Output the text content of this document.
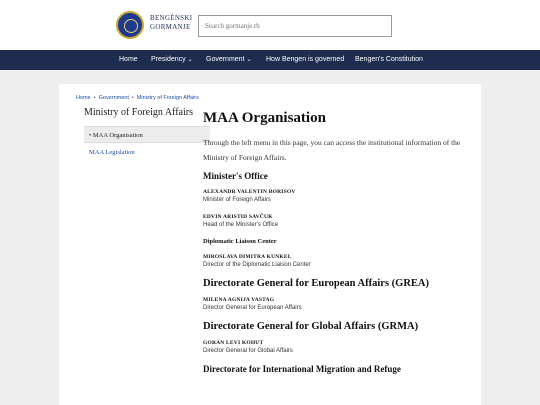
BENGÉNSKI
GORMANJE
Search gormanje.rb
Home Presidency ⌄ Government ⌄ How Bengen is governed Bengen's Constitution
Home • Government • Ministry of Foreign Affairs
Ministry of Foreign Affairs
• MAA Organisation
MAA Legislation
MAA Organisation
Through the left menu in this page, you can access the institutional information of the Ministry of Foreign Affairs.
Minister's Office
ALEXANDR VALENTIN BORISOV
Minister of Foreign Affairs
EDVIN ARISTID SAVČUK
Head of the Minister's Office
Diplomatic Liaison Center
MIROSLAVA DIMITRA KUNKEL
Director of the Diplomatic Liaison Center
Directorate General for European Affairs (GREA)
MILENA AGNIJA VASTAG
Director General for European Affairs
Directorate General for Global Affairs (GRMA)
GORAN LEVI KOHUT
Director General for Global Affairs
Directorate for International Migration and Refuge
